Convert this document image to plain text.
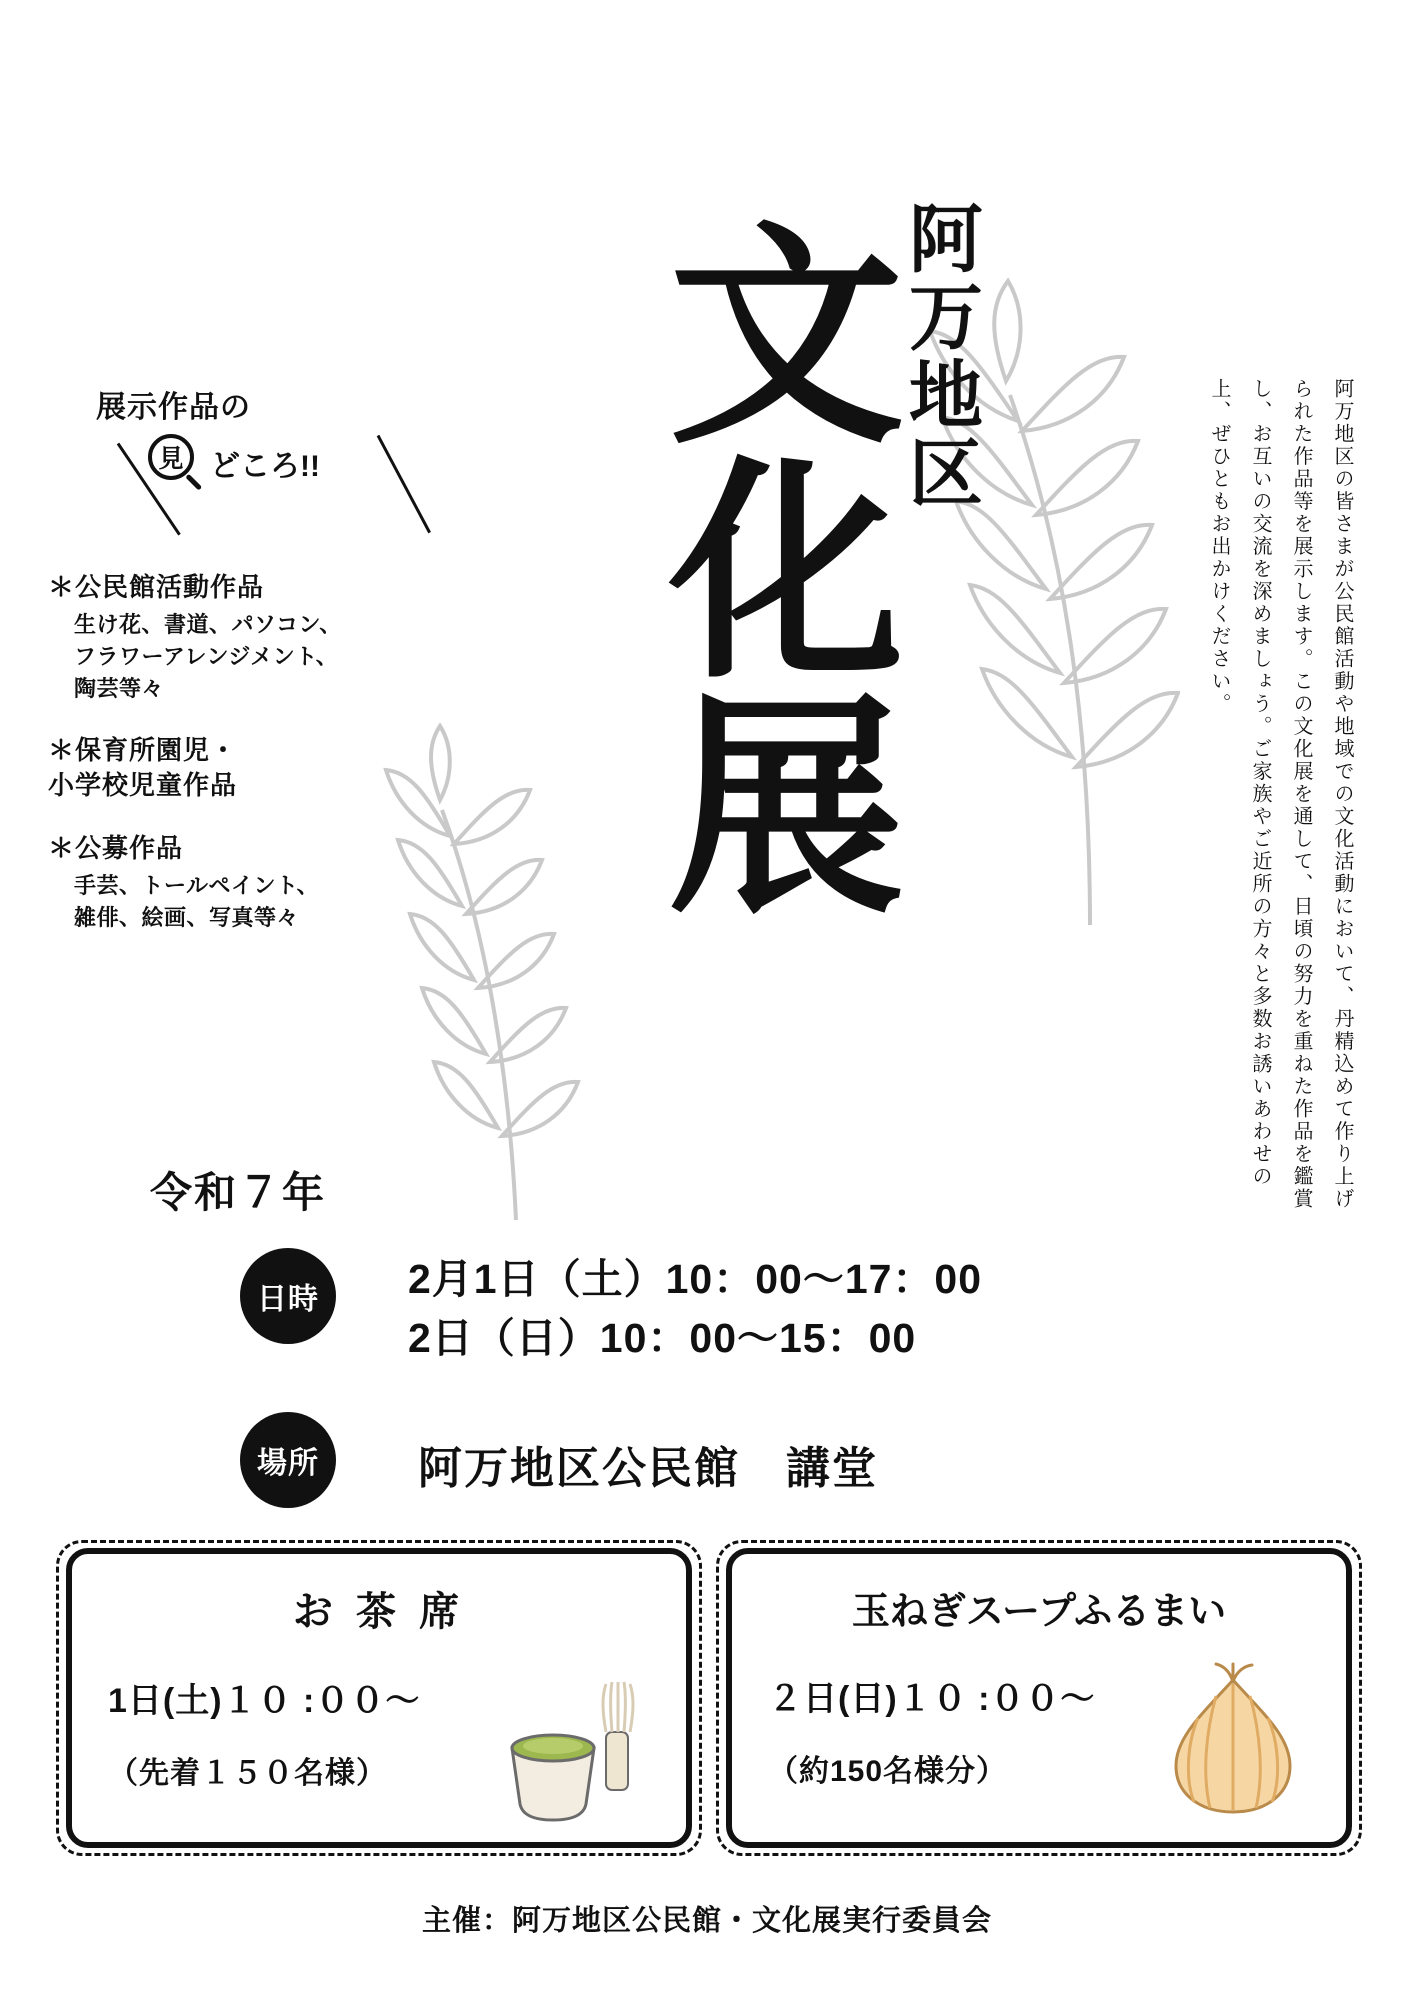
文化展 阿万地区

阿万地区の皆さまが公民館活動や地域での文化活動において、丹精込めて作り上げられた作品等を展示します。この文化展を通して、日頃の努力を重ねた作品を鑑賞し、お互いの交流を深めましょう。ご家族やご近所の方々と多数お誘いあわせの上、ぜひともお出かけください。

展示作品の
見 どころ!!
＊公民館活動作品
生け花、書道、パソコン、
フラワーアレンジメント、
陶芸等々
＊保育所園児・
小学校児童作品
＊公募作品
手芸、トールペイント、
雑俳、絵画、写真等々
令和７年
日時	2月1日（土）10：00〜17：00
2日（日）10：00〜15：00
場所	阿万地区公民館　講堂
お 茶 席
1日(土)１０ :００〜
（先着１５０名様）
玉ねぎスープふるまい
２日(日)１０ :００〜
（約150名様分）
主催：阿万地区公民館・文化展実行委員会
